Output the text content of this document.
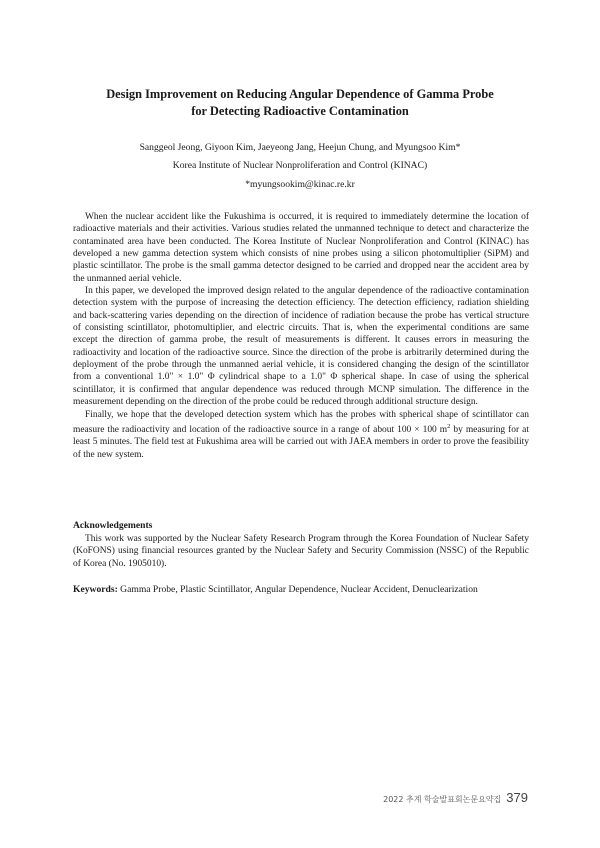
Design Improvement on Reducing Angular Dependence of Gamma Probe
for Detecting Radioactive Contamination
Sanggeol Jeong, Giyoon Kim, Jaeyeong Jang, Heejun Chung, and Myungsoo Kim*
Korea Institute of Nuclear Nonproliferation and Control (KINAC)
*myungsookim@kinac.re.kr

When the nuclear accident like the Fukushima is occurred, it is required to immediately determine the location of radioactive materials and their activities. Various studies related the unmanned technique to detect and characterize the contaminated area have been conducted. The Korea Institute of Nuclear Nonproliferation and Control (KINAC) has developed a new gamma detection system which consists of nine probes using a silicon photomultiplier (SiPM) and plastic scintillator. The probe is the small gamma detector designed to be carried and dropped near the accident area by the unmanned aerial vehicle.

In this paper, we developed the improved design related to the angular dependence of the radioactive contamination detection system with the purpose of increasing the detection efficiency. The detection efficiency, radiation shielding and back-scattering varies depending on the direction of incidence of radiation because the probe has vertical structure of consisting scintillator, photomultiplier, and electric circuits. That is, when the experimental conditions are same except the direction of gamma probe, the result of measurements is different. It causes errors in measuring the radioactivity and location of the radioactive source. Since the direction of the probe is arbitrarily determined during the deployment of the probe through the unmanned aerial vehicle, it is considered changing the design of the scintillator from a conventional 1.0" × 1.0" Φ cylindrical shape to a 1.0" Φ spherical shape. In case of using the spherical scintillator, it is confirmed that angular dependence was reduced through MCNP simulation. The difference in the measurement depending on the direction of the probe could be reduced through additional structure design.

Finally, we hope that the developed detection system which has the probes with spherical shape of scintillator can measure the radioactivity and location of the radioactive source in a range of about 100 × 100 $m^2$ by measuring for at least 5 minutes. The field test at Fukushima area will be carried out with JAEA members in order to prove the feasibility of the new system.

Acknowledgements
This work was supported by the Nuclear Safety Research Program through the Korea Foundation of Nuclear Safety (KoFONS) using financial resources granted by the Nuclear Safety and Security Commission (NSSC) of the Republic of Korea (No. 1905010).
Keywords: Gamma Probe, Plastic Scintillator, Angular Dependence, Nuclear Accident, Denuclearization
2022 추계 학술발표회논문요약집 379
